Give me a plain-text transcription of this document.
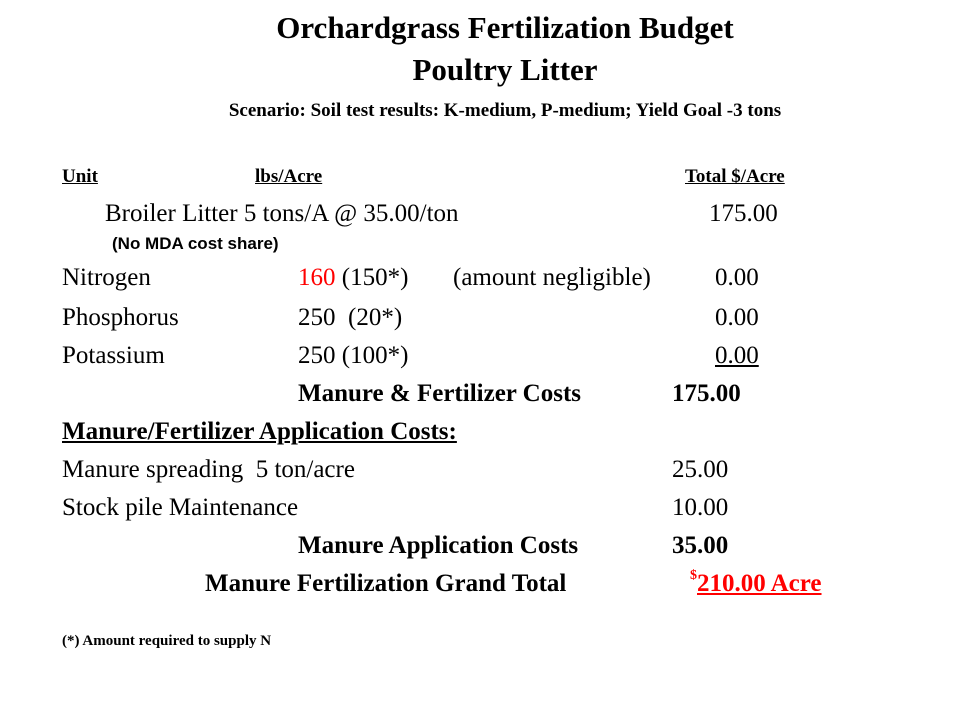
Orchardgrass Fertilization Budget
Poultry Litter
Scenario: Soil test results: K-medium, P-medium; Yield Goal -3 tons
Unit	lbs/Acre	Total $/Acre
Broiler Litter 5 tons/A @ 35.00/ton	175.00
(No MDA cost share)
Nitrogen	160 (150*) (amount negligible)	0.00
Phosphorus	250  (20*)	0.00
Potassium	250 (100*)	0.00
Manure & Fertilizer Costs	175.00
Manure/Fertilizer Application Costs:
Manure spreading  5 ton/acre	25.00
Stock pile Maintenance	10.00
Manure Application Costs	35.00
Manure Fertilization Grand Total	$210.00 Acre
(*) Amount required to supply N
